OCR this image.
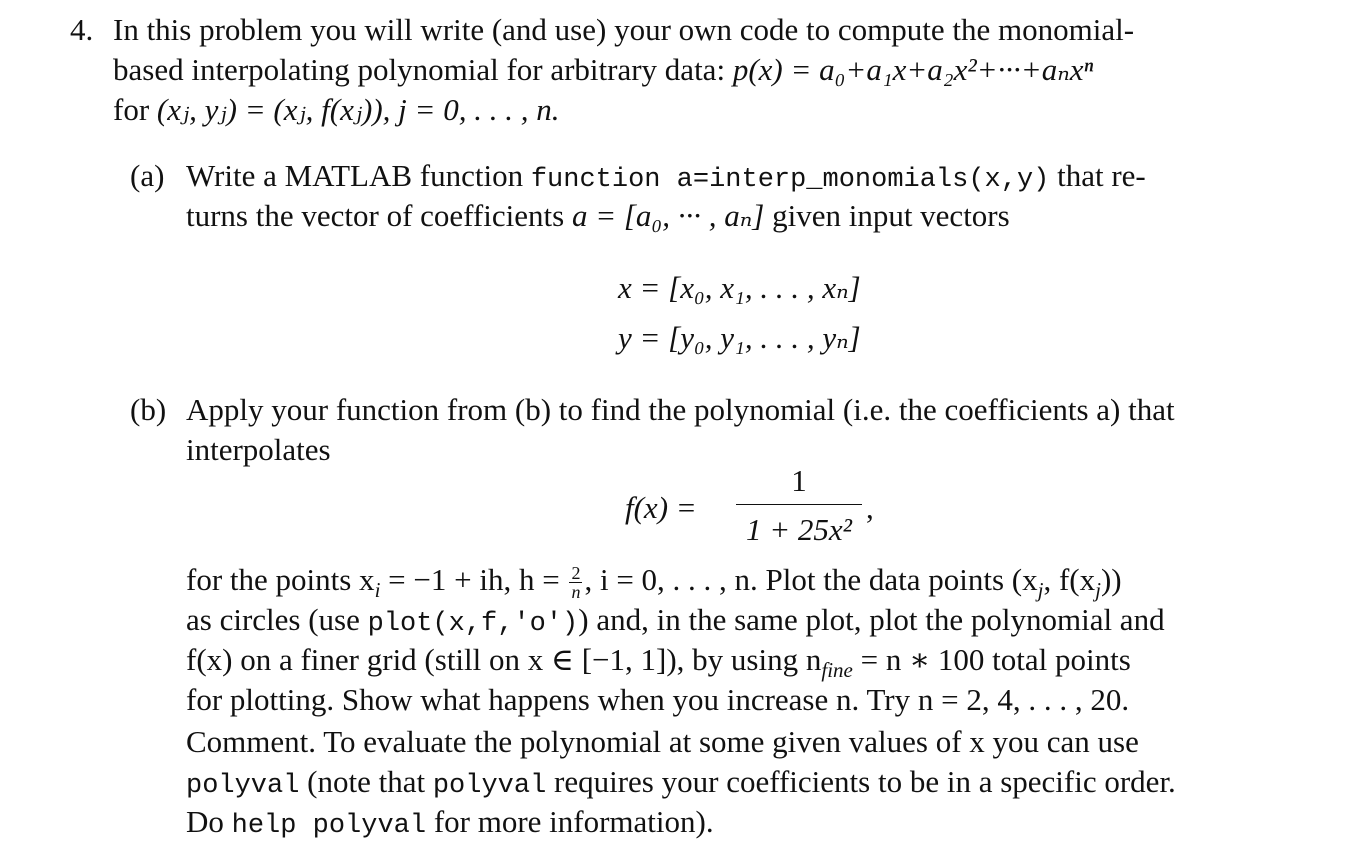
4. In this problem you will write (and use) your own code to compute the monomial-
based interpolating polynomial for arbitrary data: p(x) = a₀+a₁x+a₂x²+···+aₙxⁿ
for (xⱼ, yⱼ) = (xⱼ, f(xⱼ)), j = 0, . . . , n.
(a) Write a MATLAB function function a=interp_monomials(x,y) that re-
turns the vector of coefficients a = [a₀, ··· , aₙ] given input vectors
x = [x₀, x₁, . . . , xₙ]
y = [y₀, y₁, . . . , yₙ]
(b) Apply your function from (b) to find the polynomial (i.e. the coefficients a) that
interpolates
f(x) =
1
1 + 25x²
,
for the points $x_i = -1$ + ih, $h = \frac{2}{n}$ , i = 0, . . . , n. Plot the data points ($x_j$, $f(x_j)$)
as circles (use plot(x,f,'o')) and, in the same plot, plot the polynomial and
f(x) on a finer grid (still on x ∈ [−1, 1]), by using $n_{fine} = n$ ∗ 100 total points
for plotting. Show what happens when you increase n. Try n = 2, 4, . . . , 20.
Comment. To evaluate the polynomial at some given values of x you can use
polyval (note that polyval requires your coefficients to be in a specific order.
Do help polyval for more information).
